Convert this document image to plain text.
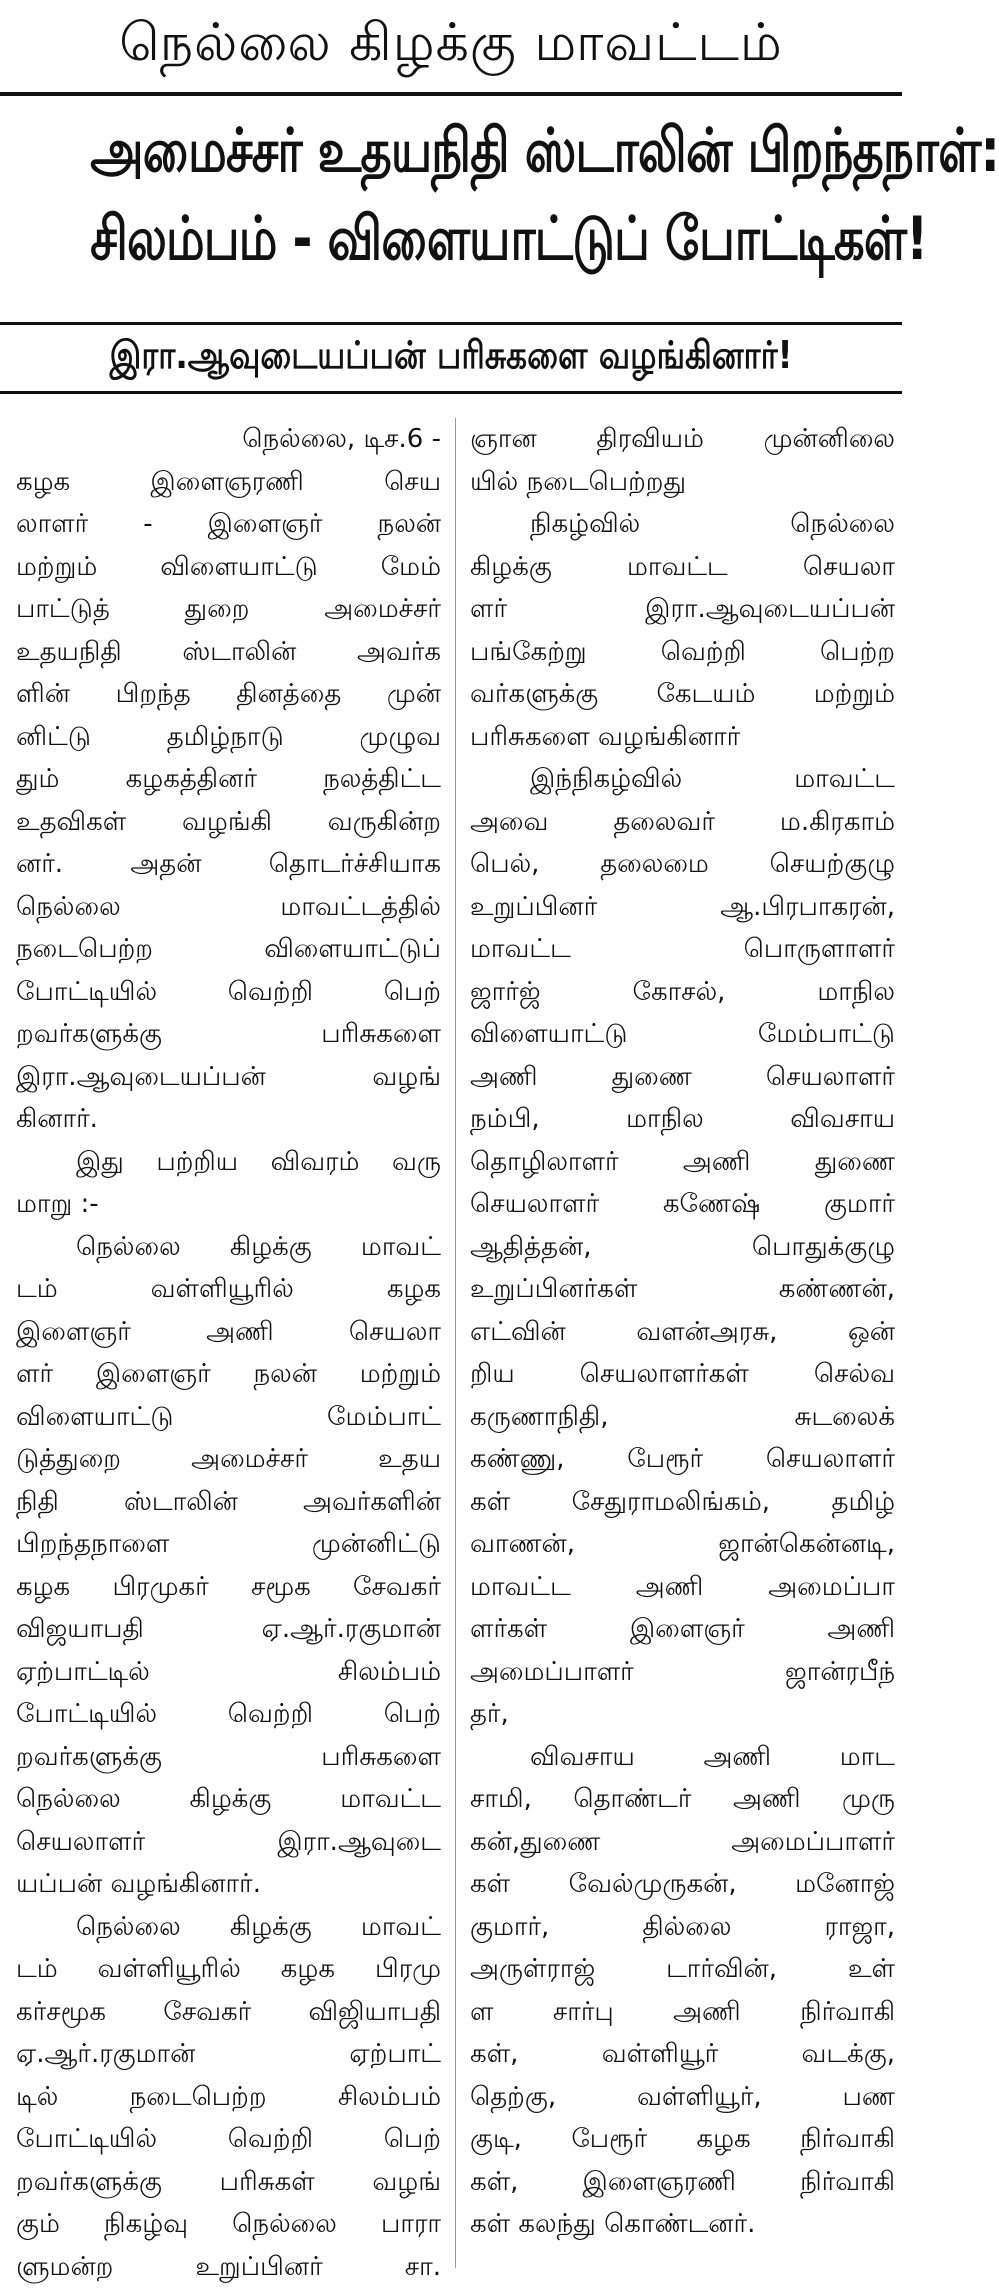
நெல்லை கிழக்கு மாவட்டம்
அமைச்சர் உதயநிதி ஸ்டாலின் பிறந்தநாள்:
சிலம்பம் - விளையாட்டுப் போட்டிகள்!
இரா.ஆவுடையப்பன் பரிசுகளை வழங்கினார்!
நெல்லை, டிச.6 -
கழக இளைஞரணி செய
லாளர் - இளைஞர் நலன்
மற்றும் விளையாட்டு மேம்
பாட்டுத் துறை அமைச்சர்
உதயநிதி ஸ்டாலின் அவர்க
ளின் பிறந்த தினத்தை முன்
னிட்டு தமிழ்நாடு முழுவ
தும் கழகத்தினர் நலத்திட்ட
உதவிகள் வழங்கி வருகின்ற
னர். அதன் தொடர்ச்சியாக
நெல்லை மாவட்டத்தில்
நடைபெற்ற விளையாட்டுப்
போட்டியில் வெற்றி பெற்
றவர்களுக்கு பரிசுகளை
இரா.ஆவுடையப்பன் வழங்
கினார்.
இது பற்றிய விவரம் வரு
மாறு :-
நெல்லை கிழக்கு மாவட்
டம் வள்ளியூரில் கழக
இளைஞர் அணி செயலா
ளர் இளைஞர் நலன் மற்றும்
விளையாட்டு மேம்பாட்
டுத்துறை அமைச்சர் உதய
நிதி ஸ்டாலின் அவர்களின்
பிறந்தநாளை முன்னிட்டு
கழக பிரமுகர் சமூக சேவகர்
விஜயாபதி ஏ.ஆர்.ரகுமான்
ஏற்பாட்டில் சிலம்பம்
போட்டியில் வெற்றி பெற்
றவர்களுக்கு பரிசுகளை
நெல்லை கிழக்கு மாவட்ட
செயலாளர் இரா.ஆவுடை
யப்பன் வழங்கினார்.
நெல்லை கிழக்கு மாவட்
டம் வள்ளியூரில் கழக பிரமு
கர்சமூக சேவகர் விஜியாபதி
ஏ.ஆர்.ரகுமான் ஏற்பாட்
டில் நடைபெற்ற சிலம்பம்
போட்டியில் வெற்றி பெற்
றவர்களுக்கு பரிசுகள் வழங்
கும் நிகழ்வு நெல்லை பாரா
ளுமன்ற உறுப்பினர் சா.
ஞான திரவியம் முன்னிலை
யில் நடைபெற்றது
நிகழ்வில் நெல்லை
கிழக்கு மாவட்ட செயலா
ளர் இரா.ஆவுடையப்பன்
பங்கேற்று வெற்றி பெற்ற
வர்களுக்கு கேடயம் மற்றும்
பரிசுகளை வழங்கினார்
இந்நிகழ்வில் மாவட்ட
அவை தலைவர் ம.கிரகாம்
பெல், தலைமை செயற்குழு
உறுப்பினர் ஆ.பிரபாகரன்,
மாவட்ட பொருளாளர்
ஜார்ஜ் கோசல், மாநில
விளையாட்டு மேம்பாட்டு
அணி துணை செயலாளர்
நம்பி, மாநில விவசாய
தொழிலாளர் அணி துணை
செயலாளர் கணேஷ் குமார்
ஆதித்தன், பொதுக்குழு
உறுப்பினர்கள் கண்ணன்,
எட்வின் வளன்அரசு, ஒன்
றிய செயலாளர்கள் செல்வ
கருணாநிதி, சுடலைக்
கண்ணு, பேரூர் செயலாளர்
கள் சேதுராமலிங்கம், தமிழ்
வாணன், ஜான்கென்னடி,
மாவட்ட அணி அமைப்பா
ளர்கள் இளைஞர் அணி
அமைப்பாளர் ஜான்ரபீந்
தர்,
விவசாய அணி மாட
சாமி, தொண்டர் அணி முரு
கன்,துணை அமைப்பாளர்
கள் வேல்முருகன், மனோஜ்
குமார், தில்லை ராஜா,
அருள்ராஜ் டார்வின், உள்
ள சார்பு அணி நிர்வாகி
கள், வள்ளியூர் வடக்கு,
தெற்கு, வள்ளியூர், பண
குடி, பேரூர் கழக நிர்வாகி
கள், இளைஞரணி நிர்வாகி
கள் கலந்து கொண்டனர்.
